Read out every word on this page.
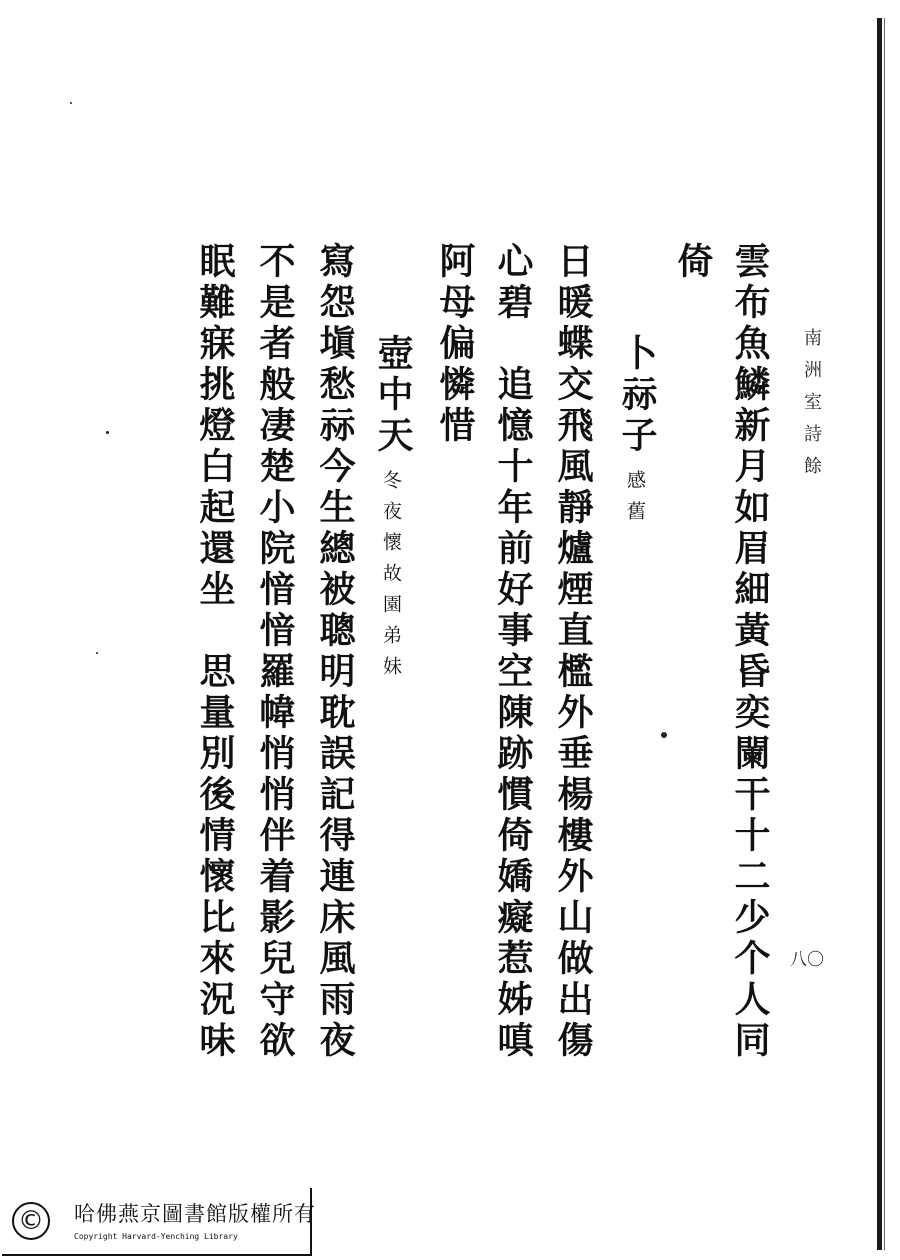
南洲室詩餘
八〇
雲布魚鱗新月如眉細黃昏奕闌干十二少个人同
倚
卜祘子
感舊
日暖蝶交飛風靜爐煙直檻外垂楊樓外山做出傷
心碧　追憶十年前好事空陳跡慣倚嬌癡惹姊嗔
阿母偏憐惜
壺中天
冬夜懷故園弟妹
寫怨塡愁祘今生總被聰明耽誤記得連床風雨夜
不是者般凄楚小院愔愔羅幃悄悄伴着影兒守欲
眠難寐挑燈白起還坐　思量別後情懷比來況味
© 哈佛燕京圖書館版權所有
Copyright Harvard-Yenching Library
